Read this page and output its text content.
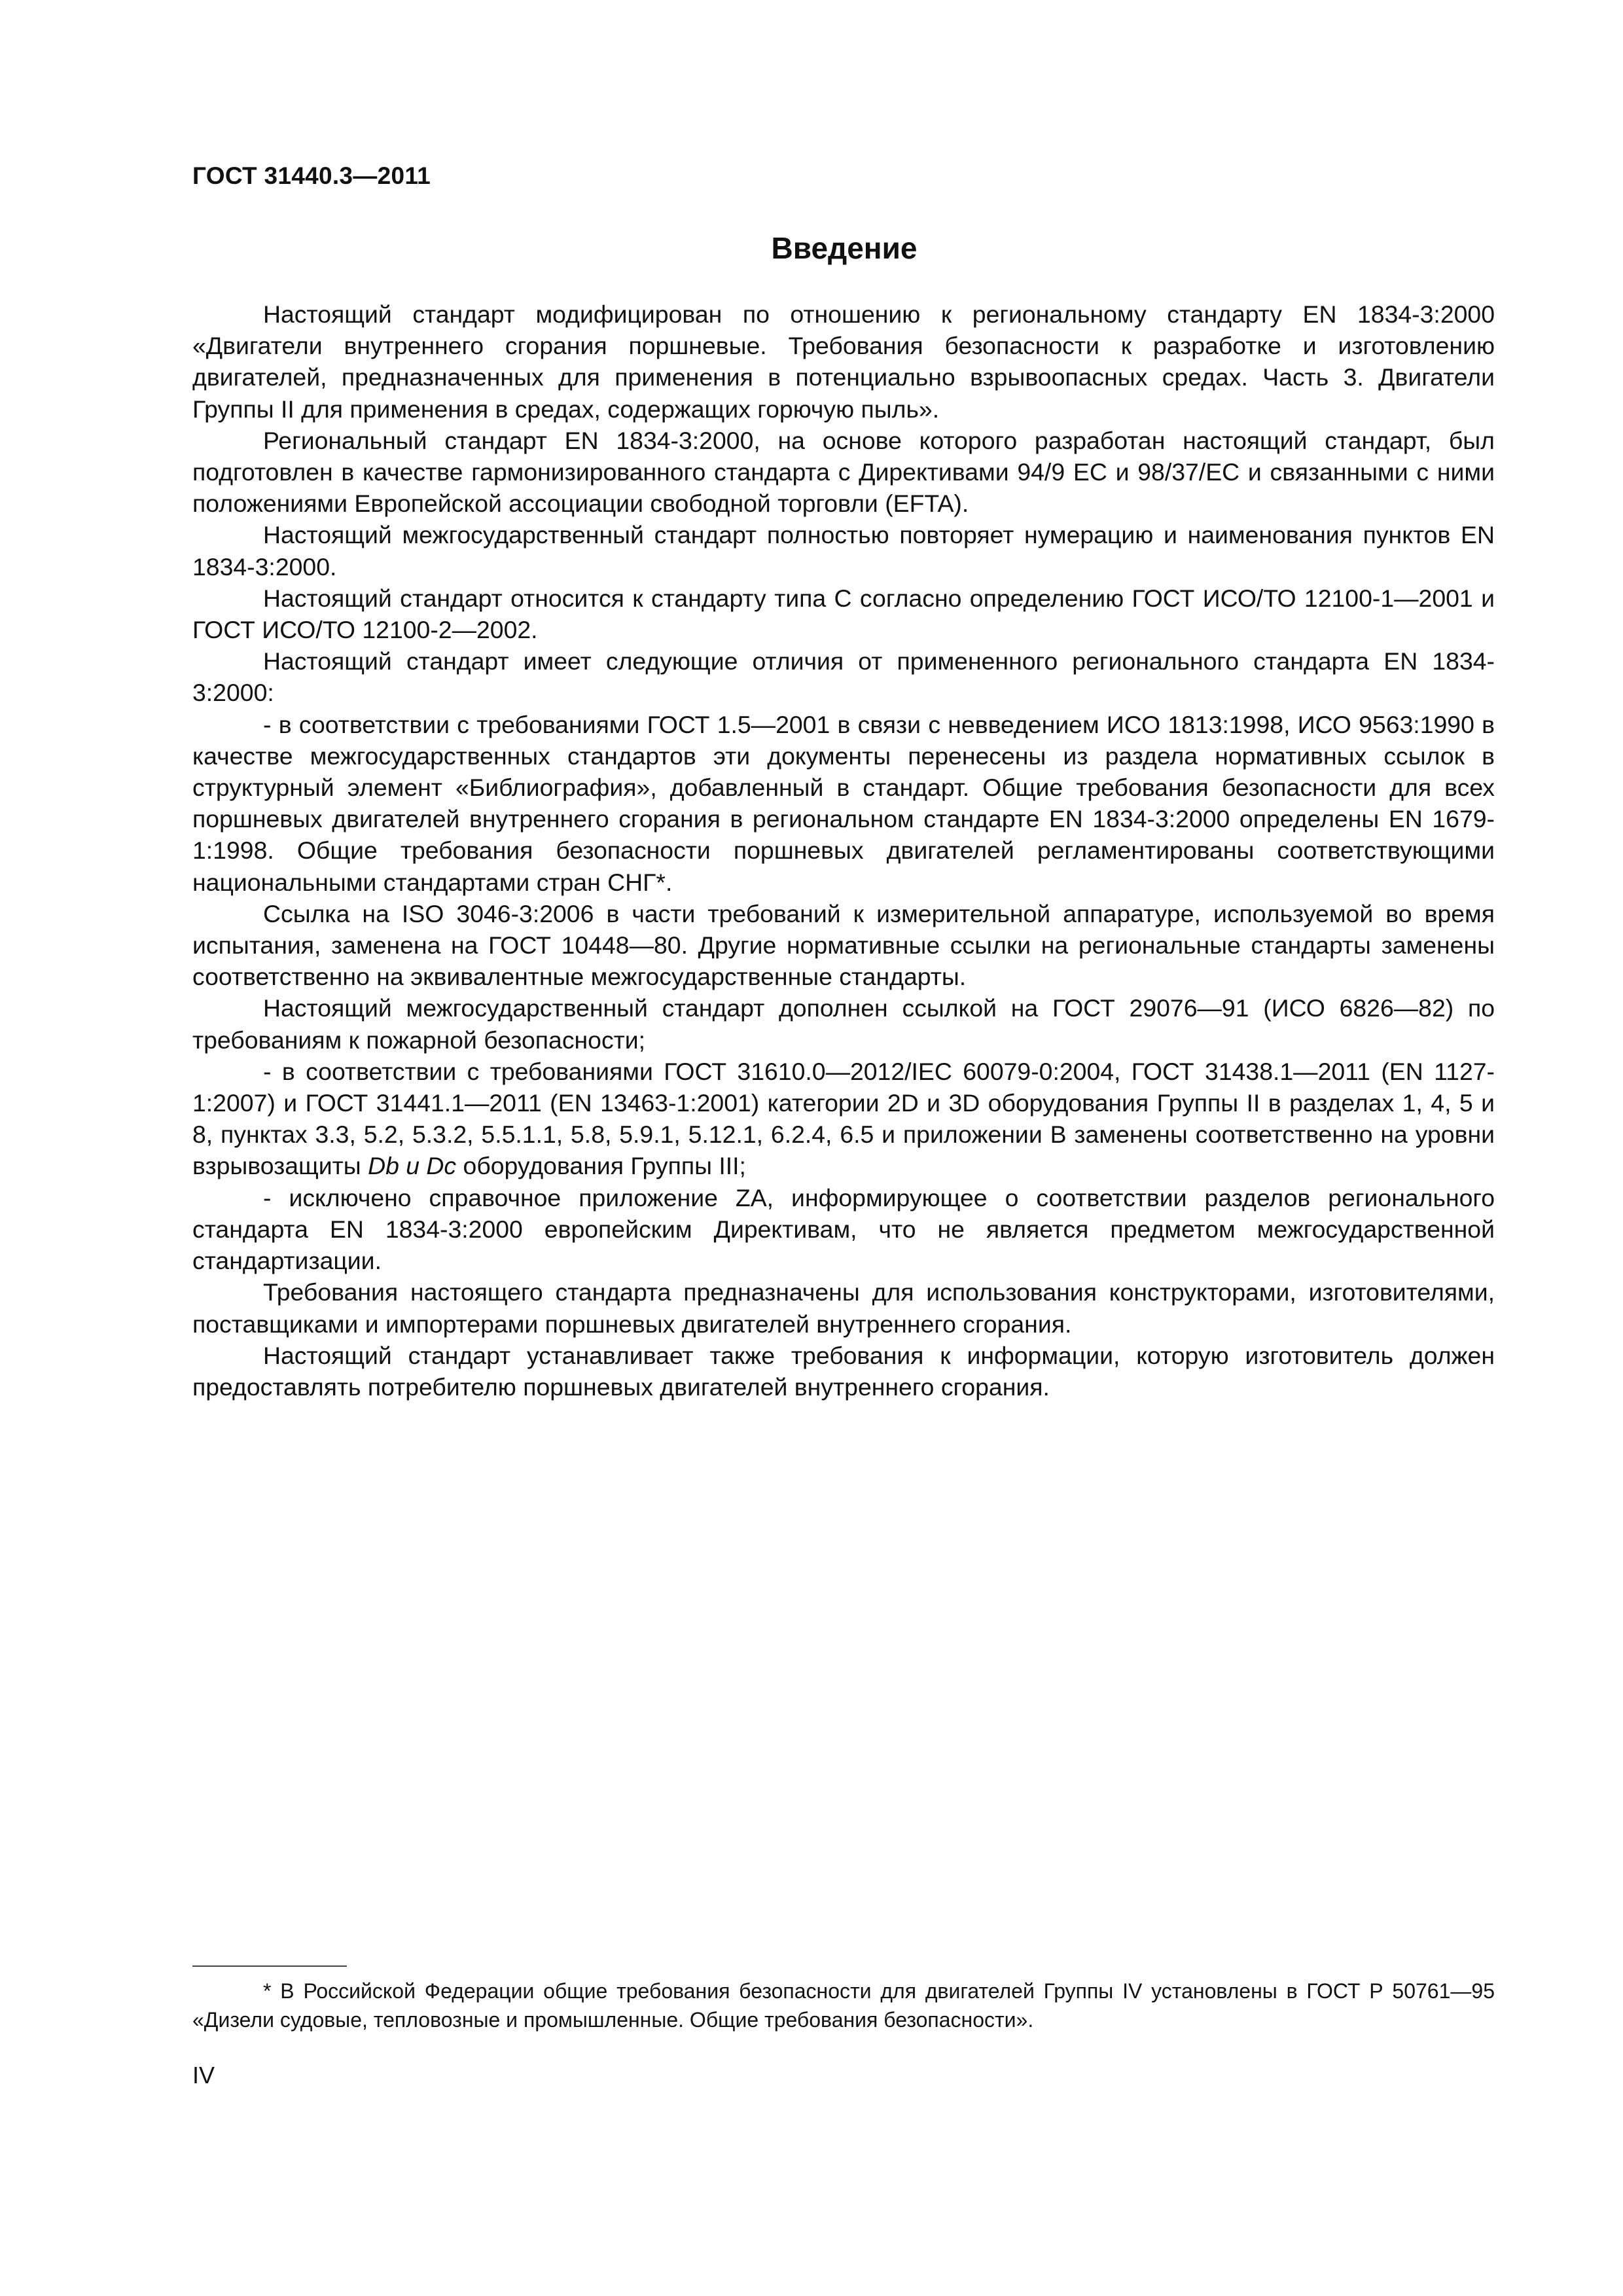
ГОСТ 31440.3—2011
Введение

Настоящий стандарт модифицирован по отношению к региональному стандарту EN 1834-3:2000 «Двигатели внутреннего сгорания поршневые. Требования безопасности к разработке и изготовлению двигателей, предназначенных для применения в потенциально взрывоопасных средах. Часть 3. Двигатели Группы II для применения в средах, содержащих горючую пыль».

Региональный стандарт EN 1834-3:2000, на основе которого разработан настоящий стандарт, был подготовлен в качестве гармонизированного стандарта с Директивами 94/9 ЕС и 98/37/ЕС и связанными с ними положениями Европейской ассоциации свободной торговли (EFTA).

Настоящий межгосударственный стандарт полностью повторяет нумерацию и наименования пунктов EN 1834-3:2000.

Настоящий стандарт относится к стандарту типа С согласно определению ГОСТ ИСО/ТО 12100-1—2001 и ГОСТ ИСО/ТО 12100-2—2002.

Настоящий стандарт имеет следующие отличия от примененного регионального стандарта EN 1834-3:2000:

- в соответствии с требованиями ГОСТ 1.5—2001 в связи с невведением ИСО 1813:1998, ИСО 9563:1990 в качестве межгосударственных стандартов эти документы перенесены из раздела нормативных ссылок в структурный элемент «Библиография», добавленный в стандарт. Общие требования безопасности для всех поршневых двигателей внутреннего сгорания в региональном стандарте EN 1834-3:2000 определены EN 1679-1:1998. Общие требования безопасности поршневых двигателей регламентированы соответствующими национальными стандартами стран СНГ*.

Ссылка на ISO 3046-3:2006 в части требований к измерительной аппаратуре, используемой во время испытания, заменена на ГОСТ 10448—80. Другие нормативные ссылки на региональные стандарты заменены соответственно на эквивалентные межгосударственные стандарты.

Настоящий межгосударственный стандарт дополнен ссылкой на ГОСТ 29076—91 (ИСО 6826—82) по требованиям к пожарной безопасности;

- в соответствии с требованиями ГОСТ 31610.0—2012/IEC 60079-0:2004, ГОСТ 31438.1—2011 (EN 1127-1:2007) и ГОСТ 31441.1—2011 (EN 13463-1:2001) категории 2D и 3D оборудования Группы II в разделах 1, 4, 5 и 8, пунктах 3.3, 5.2, 5.3.2, 5.5.1.1, 5.8, 5.9.1, 5.12.1, 6.2.4, 6.5 и приложении В заменены соответственно на уровни взрывозащиты Db и Dc оборудования Группы III;

- исключено справочное приложение ZA, информирующее о соответствии разделов регионального стандарта EN 1834-3:2000 европейским Директивам, что не является предметом межгосударственной стандартизации.

Требования настоящего стандарта предназначены для использования конструкторами, изготовителями, поставщиками и импортерами поршневых двигателей внутреннего сгорания.

Настоящий стандарт устанавливает также требования к информации, которую изготовитель должен предоставлять потребителю поршневых двигателей внутреннего сгорания.

* В Российской Федерации общие требования безопасности для двигателей Группы IV установлены в ГОСТ Р 50761—95 «Дизели судовые, тепловозные и промышленные. Общие требования безопасности».
IV
